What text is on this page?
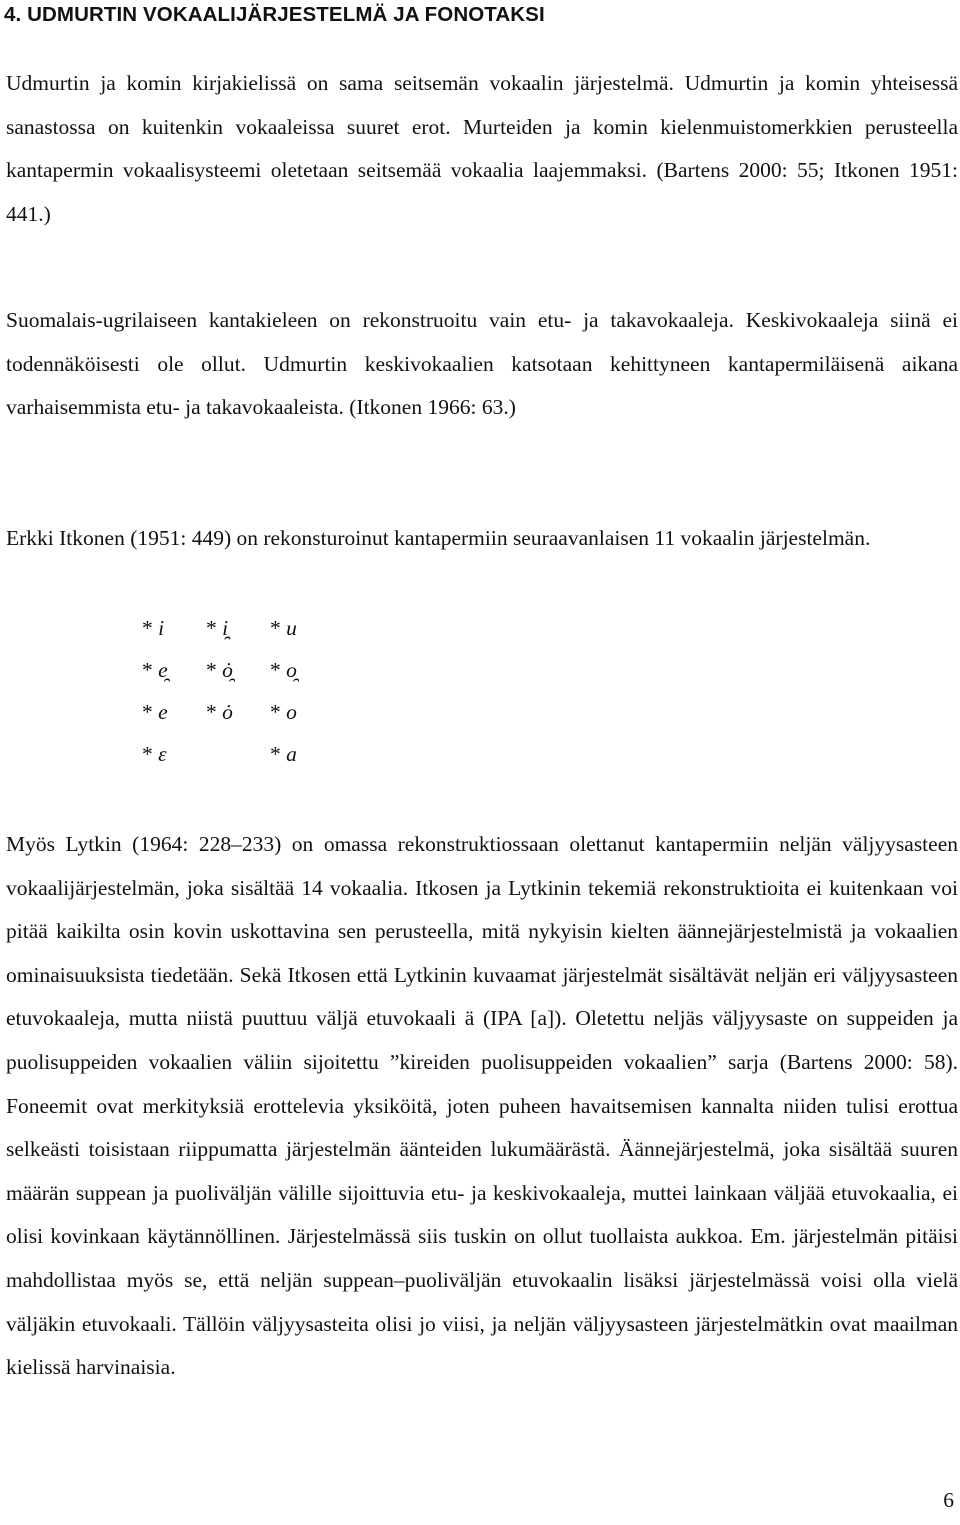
4. UDMURTIN VOKAALIJÄRJESTELMÄ JA FONOTAKSI

Udmurtin ja komin kirjakielissä on sama seitsemän vokaalin järjestelmä. Udmurtin ja komin yhteisessä sanastossa on kuitenkin vokaaleissa suuret erot. Murteiden ja komin kielenmuistomerkkien perusteella kantapermin vokaalisysteemi oletetaan seitsemää vokaalia laajemmaksi. (Bartens 2000: 55; Itkonen 1951: 441.)

Suomalais-ugrilaiseen kantakieleen on rekonstruoitu vain etu- ja takavokaaleja. Keskivokaaleja siinä ei todennäköisesti ole ollut. Udmurtin keskivokaalien katsotaan kehittyneen kantapermiläisenä aikana varhaisemmista etu- ja takavokaaleista. (Itkonen 1966: 63.)

Erkki Itkonen (1951: 449) on rekonsturoinut kantapermiin seuraavanlaisen 11 vokaalin järjestelmän.

* i * i̯ * u
* e̯ * ȯ̯ * o̯
* e * ȯ * o
* ε	* a

Myös Lytkin (1964: 228–233) on omassa rekonstruktiossaan olettanut kantapermiin neljän väljyysasteen vokaalijärjestelmän, joka sisältää 14 vokaalia. Itkosen ja Lytkinin tekemiä rekonstruktioita ei kuitenkaan voi pitää kaikilta osin kovin uskottavina sen perusteella, mitä nykyisin kielten äännejärjestelmistä ja vokaalien ominaisuuksista tiedetään. Sekä Itkosen että Lytkinin kuvaamat järjestelmät sisältävät neljän eri väljyysasteen etuvokaaleja, mutta niistä puuttuu väljä etuvokaali ä (IPA [a]). Oletettu neljäs väljyysaste on suppeiden ja puolisuppeiden vokaalien väliin sijoitettu ”kireiden puolisuppeiden vokaalien” sarja (Bartens 2000: 58). Foneemit ovat merkityksiä erottelevia yksiköitä, joten puheen havaitsemisen kannalta niiden tulisi erottua selkeästi toisistaan riippumatta järjestelmän äänteiden lukumäärästä. Äännejärjestelmä, joka sisältää suuren määrän suppean ja puoliväljän välille sijoittuvia etu- ja keskivokaaleja, muttei lainkaan väljää etuvokaalia, ei olisi kovinkaan käytännöllinen. Järjestelmässä siis tuskin on ollut tuollaista aukkoa. Em. järjestelmän pitäisi mahdollistaa myös se, että neljän suppean–puoliväljän etuvokaalin lisäksi järjestelmässä voisi olla vielä väljäkin etuvokaali. Tällöin väljyysasteita olisi jo viisi, ja neljän väljyysasteen järjestelmätkin ovat maailman kielissä harvinaisia.

6
